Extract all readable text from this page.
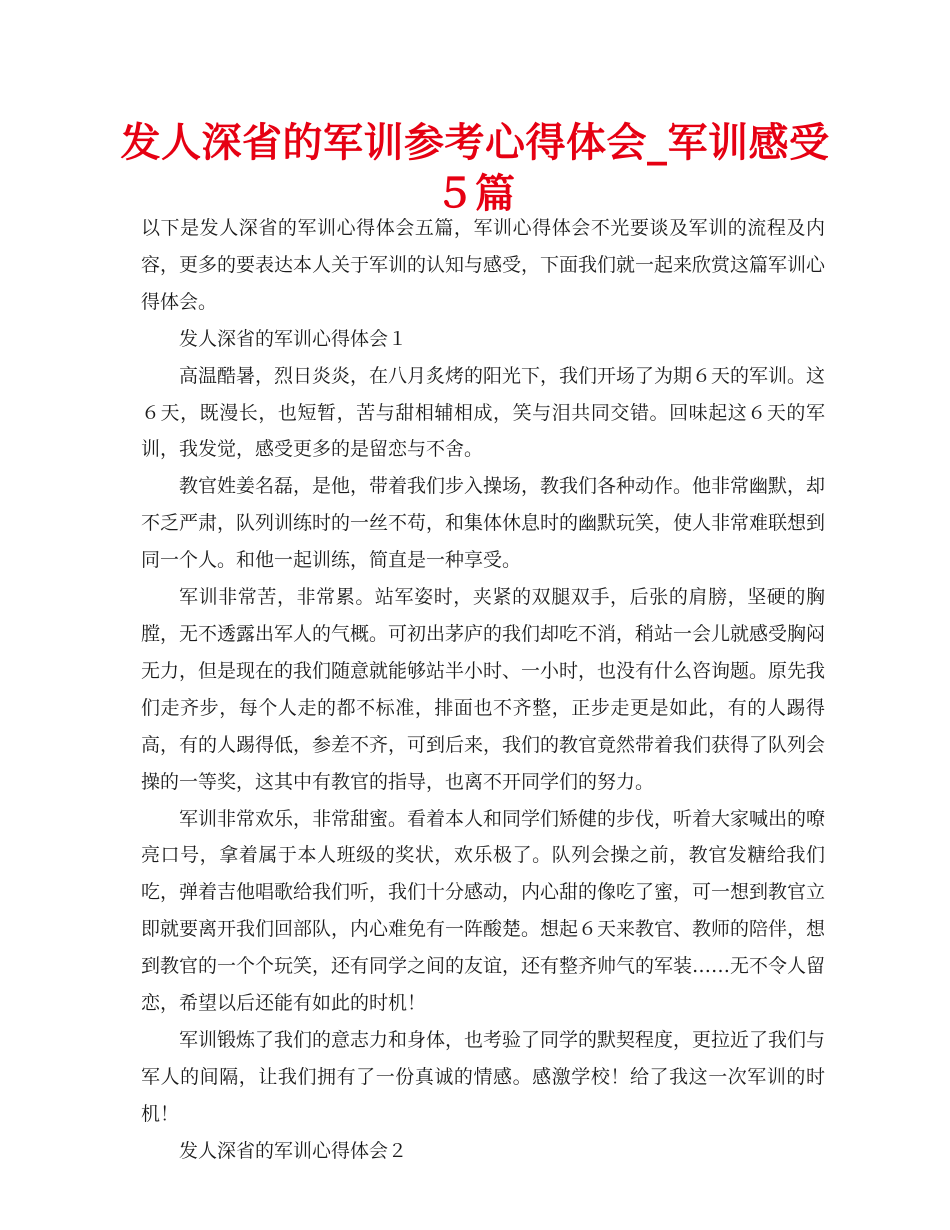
发人深省的军训参考心得体会_军训感受５篇

以下是发人深省的军训心得体会五篇，军训心得体会不光要谈及军训的流程及内容，更多的要表达本人关于军训的认知与感受，下面我们就一起来欣赏这篇军训心得体会。

发人深省的军训心得体会１

高温酷暑，烈日炎炎，在八月炙烤的阳光下，我们开场了为期６天的军训。这６天，既漫长，也短暂，苦与甜相辅相成，笑与泪共同交错。回味起这６天的军训，我发觉，感受更多的是留恋与不舍。

教官姓姜名磊，是他，带着我们步入操场，教我们各种动作。他非常幽默，却不乏严肃，队列训练时的一丝不苟，和集体休息时的幽默玩笑，使人非常难联想到同一个人。和他一起训练，简直是一种享受。

军训非常苦，非常累。站军姿时，夹紧的双腿双手，后张的肩膀，坚硬的胸膛，无不透露出军人的气概。可初出茅庐的我们却吃不消，稍站一会儿就感受胸闷无力，但是现在的我们随意就能够站半小时、一小时，也没有什么咨询题。原先我们走齐步，每个人走的都不标准，排面也不齐整，正步走更是如此，有的人踢得高，有的人踢得低，参差不齐，可到后来，我们的教官竟然带着我们获得了队列会操的一等奖，这其中有教官的指导，也离不开同学们的努力。

军训非常欢乐，非常甜蜜。看着本人和同学们矫健的步伐，听着大家喊出的嘹亮口号，拿着属于本人班级的奖状，欢乐极了。队列会操之前，教官发糖给我们吃，弹着吉他唱歌给我们听，我们十分感动，内心甜的像吃了蜜，可一想到教官立即就要离开我们回部队，内心难免有一阵酸楚。想起６天来教官、教师的陪伴，想到教官的一个个玩笑，还有同学之间的友谊，还有整齐帅气的军装……无不令人留恋，希望以后还能有如此的时机！

军训锻炼了我们的意志力和身体，也考验了同学的默契程度，更拉近了我们与军人的间隔，让我们拥有了一份真诚的情感。感激学校！给了我这一次军训的时机！

发人深省的军训心得体会２
